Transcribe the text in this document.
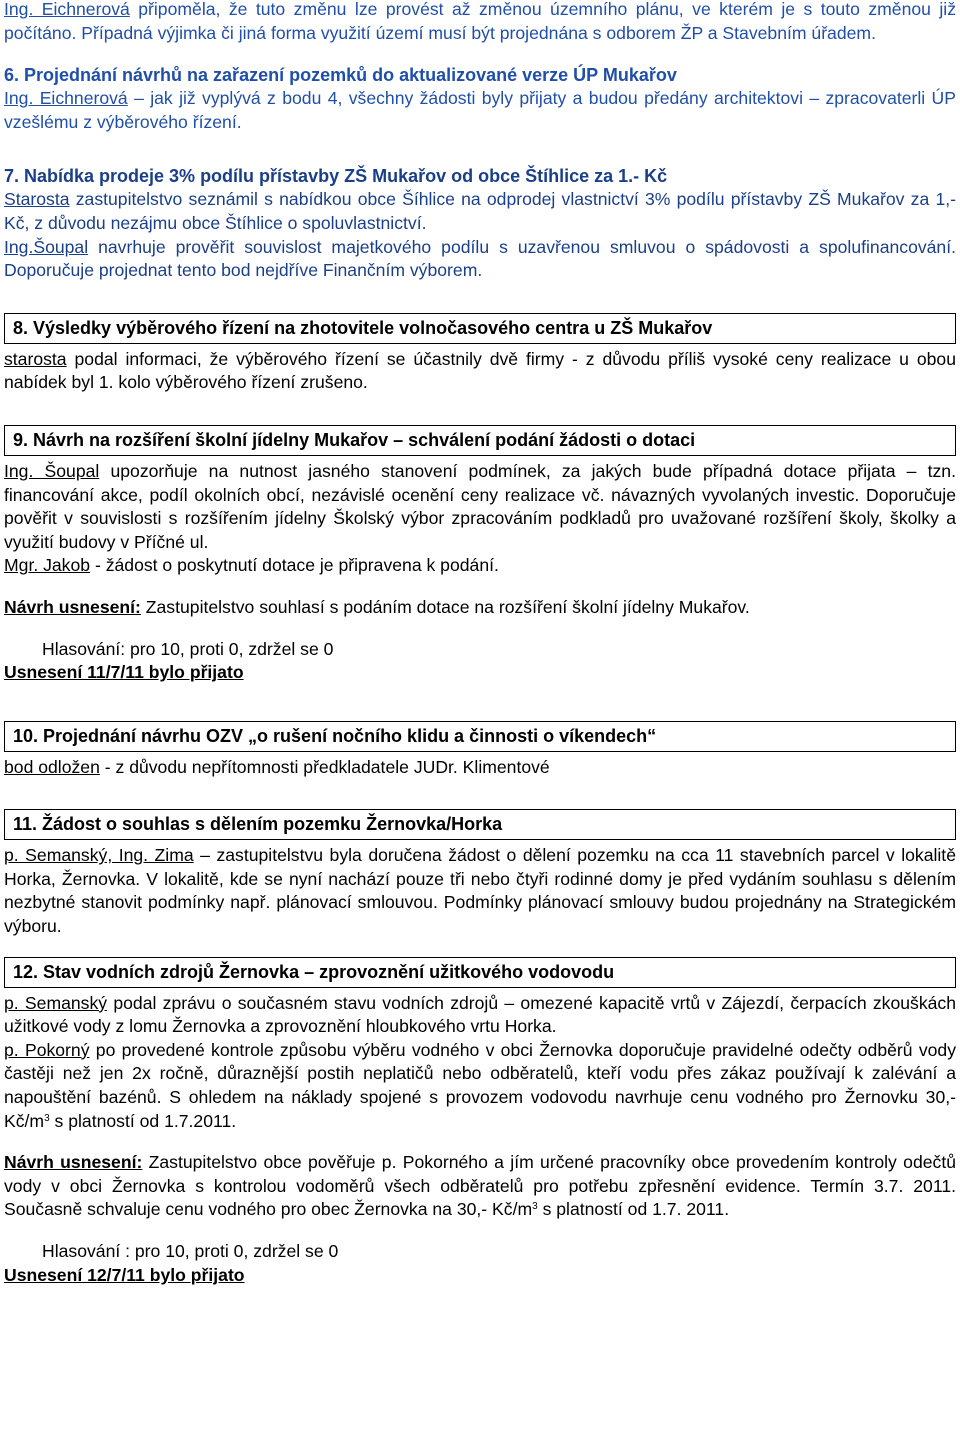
Ing. Eichnerová připoměla, že tuto změnu lze provést až změnou územního plánu, ve kterém je s touto změnou již počítáno. Případná výjimka či jiná forma využití území musí být projednána s odborem ŽP a Stavebním úřadem.

6. Projednání návrhů na zařazení pozemků do aktualizované verze ÚP Mukařov

Ing. Eichnerová – jak již vyplývá z bodu 4, všechny žádosti byly přijaty a budou předány architektovi – zpracovaterli ÚP vzešlému z výběrového řízení.

7. Nabídka prodeje 3% podílu přístavby ZŠ Mukařov od obce Štíhlice za 1.- Kč

Starosta zastupitelstvo seznámil s nabídkou obce Šíhlice na odprodej vlastnictví 3% podílu přístavby ZŠ Mukařov za 1,- Kč, z důvodu nezájmu obce Štíhlice o spoluvlastnictví.

Ing.Šoupal navrhuje prověřit souvislost majetkového podílu s uzavřenou smluvou o spádovosti a spolufinancování. Doporučuje projednat tento bod nejdříve Finančním výborem.

8. Výsledky výběrového řízení na zhotovitele volnočasového centra u ZŠ Mukařov

starosta podal informaci, že výběrového řízení se účastnily dvě firmy - z důvodu příliš vysoké ceny realizace u obou nabídek byl 1. kolo výběrového řízení zrušeno.

9. Návrh na rozšíření školní jídelny Mukařov – schválení podání žádosti o dotaci

Ing. Šoupal upozorňuje na nutnost jasného stanovení podmínek, za jakých bude případná dotace přijata – tzn. financování akce, podíl okolních obcí, nezávislé ocenění ceny realizace vč. návazných vyvolaných investic. Doporučuje pověřit v souvislosti s rozšířením jídelny Školský výbor zpracováním podkladů pro uvažované rozšíření školy, školky a využití budovy v Příčné ul.

Mgr. Jakob - žádost o poskytnutí dotace je připravena k podání.

Návrh usnesení: Zastupitelstvo souhlasí s podáním dotace na rozšíření školní jídelny Mukařov.

Hlasování: pro 10, proti 0, zdržel se 0

Usnesení 11/7/11 bylo přijato

10. Projednání návrhu OZV „o rušení nočního klidu a činnosti o víkendech“

bod odložen - z důvodu nepřítomnosti předkladatele JUDr. Klimentové

11. Žádost o souhlas s dělením pozemku Žernovka/Horka

p. Semanský, Ing. Zima – zastupitelstvu byla doručena žádost o dělení pozemku na cca 11 stavebních parcel v lokalitě Horka, Žernovka. V lokalitě, kde se nyní nachází pouze tři nebo čtyři rodinné domy je před vydáním souhlasu s dělením nezbytné stanovit podmínky např. plánovací smlouvou. Podmínky plánovací smlouvy budou projednány na Strategickém výboru.

12. Stav vodních zdrojů Žernovka – zprovoznění užitkového vodovodu

p. Semanský podal zprávu o současném stavu vodních zdrojů – omezené kapacitě vrtů v Zájezdí, čerpacích zkouškách užitkové vody z lomu Žernovka a zprovoznění hloubkového vrtu Horka.

p. Pokorný po provedené kontrole způsobu výběru vodného v obci Žernovka doporučuje pravidelné odečty odběrů vody častěji než jen 2x ročně, důraznější postih neplatičů nebo odběratelů, kteří vodu přes zákaz používají k zalévání a napouštění bazénů. S ohledem na náklady spojené s provozem vodovodu navrhuje cenu vodného pro Žernovku 30,- $Kč/m^3$ s platností od 1.7.2011.

Návrh usnesení: Zastupitelstvo obce pověřuje p. Pokorného a jím určené pracovníky obce provedením kontroly odečtů vody v obci Žernovka s kontrolou vodoměrů všech odběratelů pro potřebu zpřesnění evidence. Termín 3.7. 2011. Současně schvaluje cenu vodného pro obec Žernovka na 30,- $Kč/m^3$ s platností od 1.7. 2011.

Hlasování : pro 10, proti 0, zdržel se 0

Usnesení 12/7/11 bylo přijato
